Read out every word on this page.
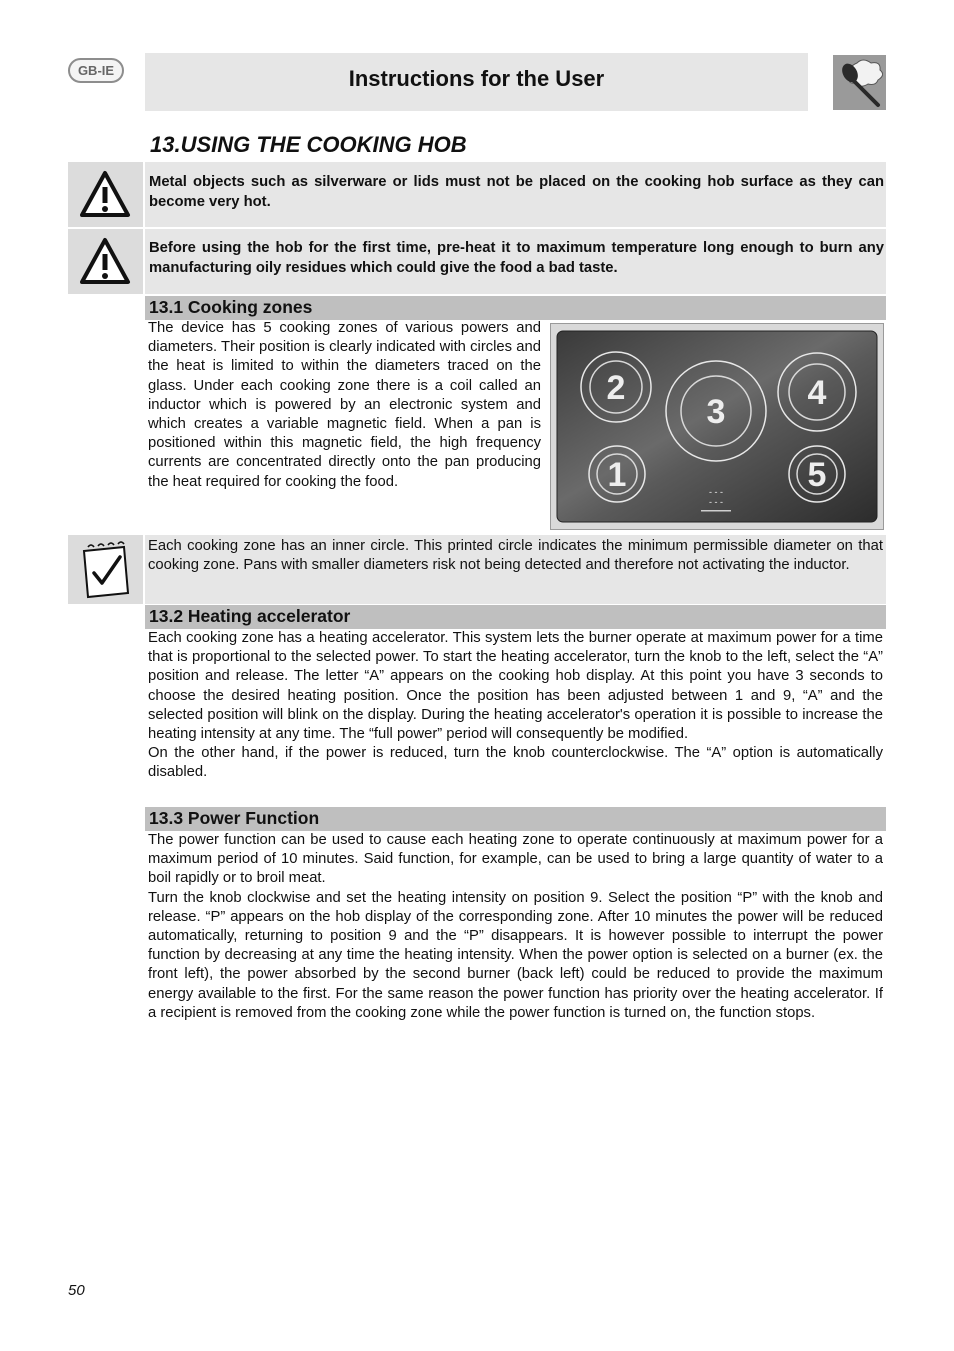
GB-IE	Instructions for the User
13.USING THE COOKING HOB
Metal objects such as silverware or lids must not be placed on the cooking hob surface as they can become very hot.
Before using the hob for the first time, pre-heat it to maximum temperature long enough to burn any manufacturing oily residues which could give the food a bad taste.
13.1 Cooking zones

The device has 5 cooking zones of various powers and diameters. Their position is clearly indicated with circles and the heat is limited to within the diameters traced on the glass. Under each cooking zone there is a coil called an inductor which is powered by an electronic system and which creates a variable magnetic field. When a pan is positioned within this magnetic field, the high frequency currents are concentrated directly onto the pan producing the heat required for cooking the food.

2
3 4
1	5
- - -
- - -

Each cooking zone has an inner circle. This printed circle indicates the minimum permissible diameter on that cooking zone. Pans with smaller diameters risk not being detected and therefore not activating the inductor.

13.2 Heating accelerator

Each cooking zone has a heating accelerator. This system lets the burner operate at maximum power for a time that is proportional to the selected power. To start the heating accelerator, turn the knob to the left, select the “A” position and release. The letter “A” appears on the cooking hob display. At this point you have 3 seconds to choose the desired heating position. Once the position has been adjusted between 1 and 9, “A” and the selected position will blink on the display. During the heating accelerator's operation it is possible to increase the heating intensity at any time. The “full power” period will consequently be modified.

On the other hand, if the power is reduced, turn the knob counterclockwise. The “A” option is automatically disabled.

13.3 Power Function

The power function can be used to cause each heating zone to operate continuously at maximum power for a maximum period of 10 minutes. Said function, for example, can be used to bring a large quantity of water to a boil rapidly or to broil meat.

Turn the knob clockwise and set the heating intensity on position 9. Select the position “P” with the knob and release. “P” appears on the hob display of the corresponding zone. After 10 minutes the power will be reduced automatically, returning to position 9 and the “P” disappears. It is however possible to interrupt the power function by decreasing at any time the heating intensity. When the power option is selected on a burner (ex. the front left), the power absorbed by the second burner (back left) could be reduced to provide the maximum energy available to the first. For the same reason the power function has priority over the heating accelerator. If a recipient is removed from the cooking zone while the power function is turned on, the function stops.

50
